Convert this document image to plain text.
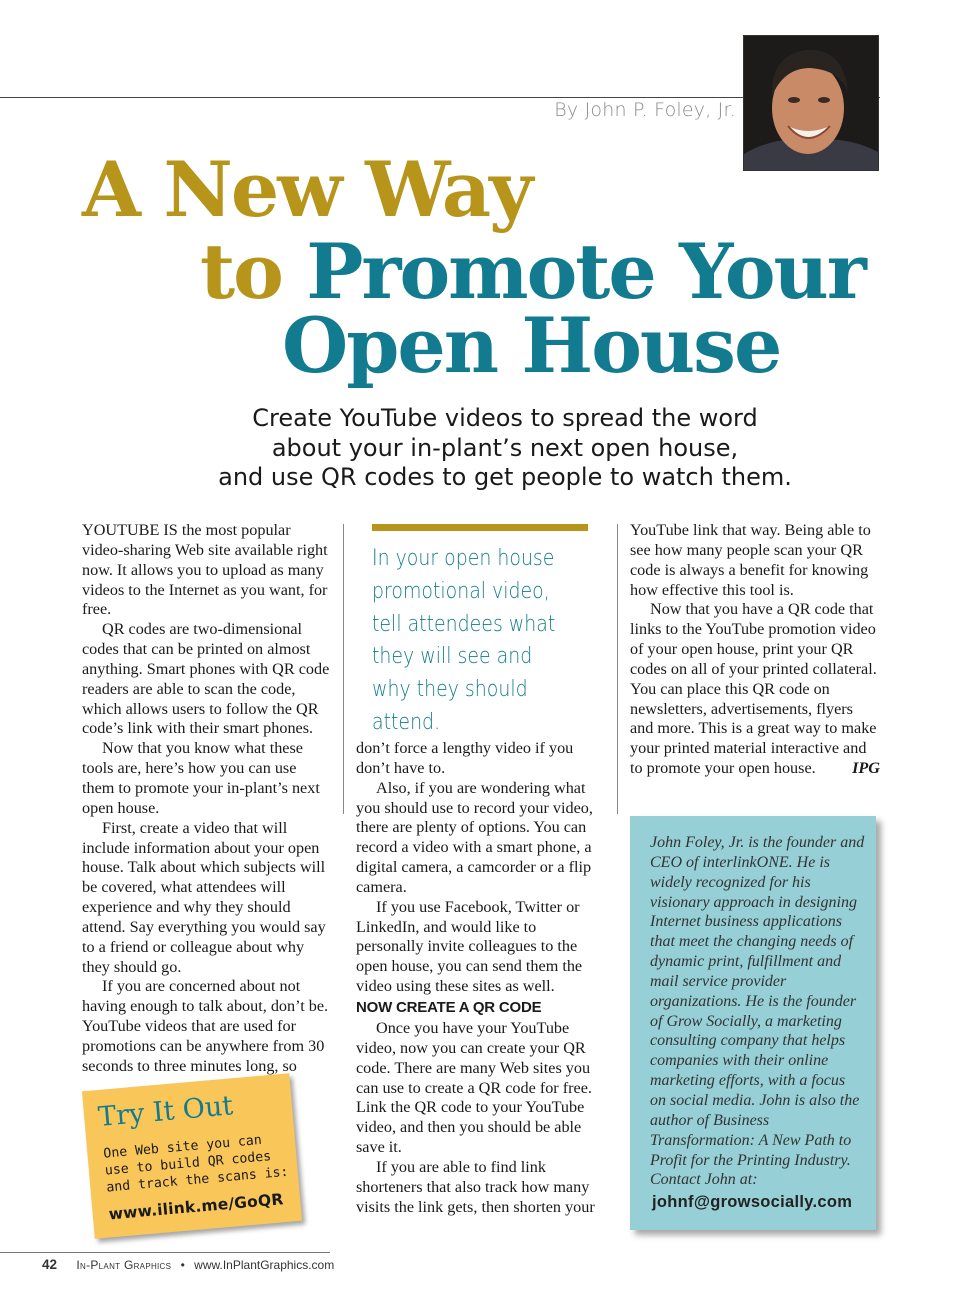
By John P. Foley, Jr.
A New Way
to Promote Your
Open House
Create YouTube videos to spread the word
about your in-plant’s next open house,
and use QR codes to get people to watch them.

YOUTUBE IS the most popular video-sharing Web site available right now. It allows you to upload as many videos to the Internet as you want, for free.

QR codes are two-dimensional codes that can be printed on almost anything. Smart phones with QR code readers are able to scan the code, which allows users to follow the QR code’s link with their smart phones.

Now that you know what these tools are, here’s how you can use them to promote your in-plant’s next open house.

First, create a video that will include information about your open house. Talk about which subjects will be covered, what attendees will experience and why they should attend. Say everything you would say to a friend or colleague about why they should go.

If you are concerned about not having enough to talk about, don’t be. YouTube videos that are used for promotions can be anywhere from 30 seconds to three minutes long, so

In your open house promotional video, tell attendees what they will see and why they should attend.

don’t force a lengthy video if you don’t have to.

Also, if you are wondering what you should use to record your video, there are plenty of options. You can record a video with a smart phone, a digital camera, a camcorder or a flip camera.

If you use Facebook, Twitter or LinkedIn, and would like to personally invite colleagues to the open house, you can send them the video using these sites as well.

NOW CREATE A QR CODE

Once you have your YouTube video, now you can create your QR code. There are many Web sites you can use to create a QR code for free. Link the QR code to your YouTube video, and then you should be able save it.

If you are able to find link shorteners that also track how many visits the link gets, then shorten your

YouTube link that way. Being able to see how many people scan your QR code is always a benefit for knowing how effective this tool is.

Now that you have a QR code that links to the YouTube promotion video of your open house, print your QR codes on all of your printed collateral. You can place this QR code on newsletters, advertisements, flyers and more. This is a great way to make your printed material interactive and to promote your open house.	IPG

John Foley, Jr. is the founder and CEO of interlinkONE. He is widely recognized for his visionary approach in designing Internet business applications that meet the changing needs of dynamic print, fulfillment and mail service provider organizations. He is the founder of Grow Socially, a marketing consulting company that helps companies with their online marketing efforts, with a focus on social media. John is also the author of Business Transformation: A New Path to Profit for the Printing Industry. Contact John at:
johnf@growsocially.com
Try It Out
One Web site you can use to build QR codes and track the scans is:
www.ilink.me/GoQR
42 In-Plant Graphics • www.InPlantGraphics.com
